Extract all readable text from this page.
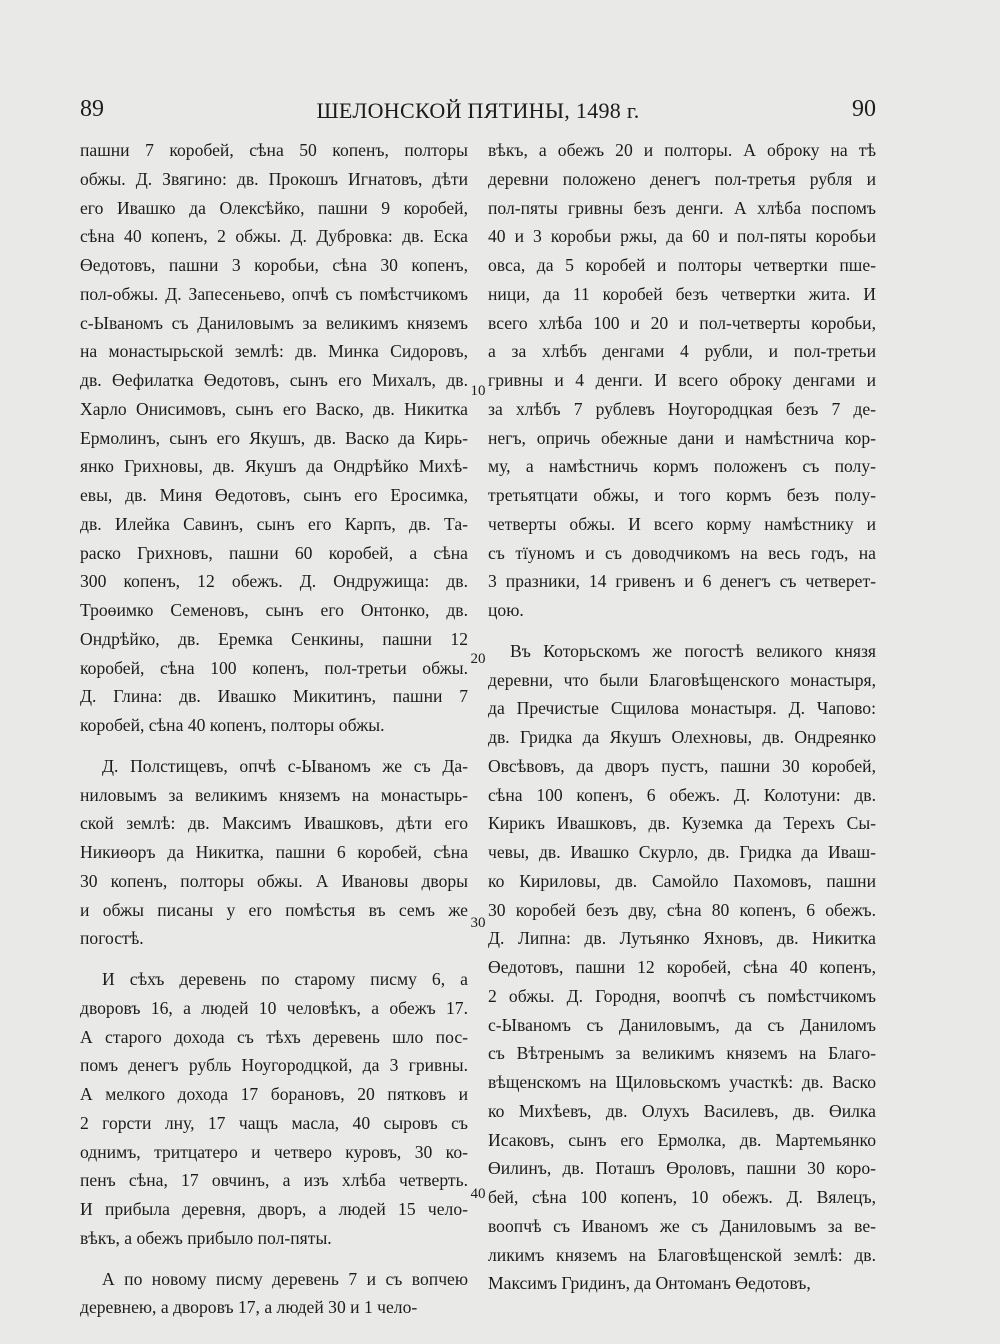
89	ШЕЛОНСКОЙ ПЯТИНЫ, 1498 г.	90
пашни 7 коробей, сѣна 50 копенъ, полторы
обжы. Д. Звягино: дв. Прокошъ Игнатовъ, дѣти
его Ивашко да Олексѣйко, пашни 9 коробей,
сѣна 40 копенъ, 2 обжы. Д. Дубровка: дв. Еска
Өедотовъ, пашни 3 коробьи, сѣна 30 копенъ,
пол-обжы. Д. Запесеньево, опчѣ съ помѣстчикомъ
с-Ываномъ съ Даниловымъ за великимъ княземъ
на монастырьской землѣ: дв. Минка Сидоровъ,
дв. Өефилатка Өедотовъ, сынъ его Михалъ, дв.
Харло Онисимовъ, сынъ его Васко, дв. Никитка
Ермолинъ, сынъ его Якушъ, дв. Васко да Кирь-
янко Грихновы, дв. Якушъ да Ондрѣйко Михѣ-
евы, дв. Миня Өедотовъ, сынъ его Еросимка,
дв. Илейка Савинъ, сынъ его Карпъ, дв. Та-
раско Грихновъ, пашни 60 коробей, а сѣна
300 копенъ, 12 обежъ. Д. Ондружища: дв.
Троөимко Семеновъ, сынъ его Онтонко, дв.
Ондрѣйко, дв. Еремка Сенкины, пашни 12
коробей, сѣна 100 копенъ, пол-третьи обжы.
Д. Глина: дв. Ивашко Микитинъ, пашни 7
коробей, сѣна 40 копенъ, полторы обжы.
Д. Полстищевъ, опчѣ с-Ываномъ же съ Да-
ниловымъ за великимъ княземъ на монастырь-
ской землѣ: дв. Максимъ Ивашковъ, дѣти его
Никиөоръ да Никитка, пашни 6 коробей, сѣна
30 копенъ, полторы обжы. А Ивановы дворы
и обжы писаны у его помѣстья въ семъ же
погостѣ.
И сѣхъ деревень по старому писму 6, а
дворовъ 16, а людей 10 человѣкъ, а обежъ 17.
А старого дохода съ тѣхъ деревень шло пос-
помъ денегъ рубль Ноугородцкой, да 3 гривны.
А мелкого дохода 17 борановъ, 20 пятковъ и
2 горсти лну, 17 чащъ масла, 40 сыровъ съ
однимъ, тритцатеро и четверо куровъ, 30 ко-
пенъ сѣна, 17 овчинъ, а изъ хлѣба четверть.
И прибыла деревня, дворъ, а людей 15 чело-
вѣкъ, а обежъ прибыло пол-пяты.
А по новому писму деревень 7 и съ вопчею
деревнею, а дворовъ 17, а людей 30 и 1 чело-
вѣкъ, а обежъ 20 и полторы. А оброку на тѣ
деревни положено денегъ пол-третья рубля и
пол-пяты гривны безъ денги. А хлѣба поспомъ
40 и 3 коробьи ржы, да 60 и пол-пяты коробьи
овса, да 5 коробей и полторы четвертки пше-
ници, да 11 коробей безъ четвертки жита. И
всего хлѣба 100 и 20 и пол-четверты коробьи,
а за хлѣбъ денгами 4 рубли, и пол-третьи
гривны и 4 денги. И всего оброку денгами и
за хлѣбъ 7 рублевъ Ноугородцкая безъ 7 де-
негъ, опричь обежные дани и намѣстнича кор-
му, а намѣстничь кормъ положенъ съ полу-
третьятцати обжы, и того кормъ безъ полу-
четверты обжы. И всего корму намѣстнику и
съ тїуномъ и съ доводчикомъ на весь годъ, на
3 празники, 14 гривенъ и 6 денегъ съ четверет-
цою.
Въ Которьскомъ же погостѣ великого князя
деревни, что были Благовѣщенского монастыря,
да Пречистые Сщилова монастыря. Д. Чапово:
дв. Гридка да Якушъ Олехновы, дв. Ондреянко
Овсѣвовъ, да дворъ пустъ, пашни 30 коробей,
сѣна 100 копенъ, 6 обежъ. Д. Колотуни: дв.
Кирикъ Ивашковъ, дв. Куземка да Терехъ Сы-
чевы, дв. Ивашко Скурло, дв. Гридка да Иваш-
ко Кириловы, дв. Самойло Пахомовъ, пашни
30 коробей безъ дву, сѣна 80 копенъ, 6 обежъ.
Д. Липна: дв. Лутьянко Яхновъ, дв. Никитка
Өедотовъ, пашни 12 коробей, сѣна 40 копенъ,
2 обжы. Д. Городня, воопчѣ съ помѣстчикомъ
с-Ываномъ съ Даниловымъ, да съ Даниломъ
съ Вѣтренымъ за великимъ княземъ на Благо-
вѣщенскомъ на Щиловьскомъ участкѣ: дв. Васко
ко Михѣевъ, дв. Олухъ Василевъ, дв. Өилка
Исаковъ, сынъ его Ермолка, дв. Мартемьянко
Өилинъ, дв. Поташъ Өроловъ, пашни 30 коро-
бей, сѣна 100 копенъ, 10 обежъ. Д. Вялецъ,
воопчѣ съ Иваномъ же съ Даниловымъ за ве-
ликимъ княземъ на Благовѣщенской землѣ: дв.
Максимъ Гридинъ, да Онтоманъ Өедотовъ,
10
20
30
40
